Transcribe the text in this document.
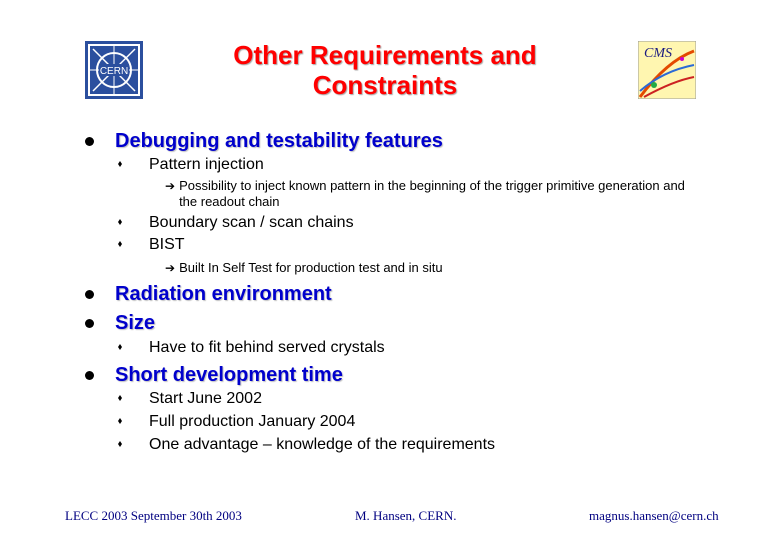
CERN
CMS
Other Requirements and
Constraints
Debugging and testability features
Pattern injection
➔ Possibility to inject known pattern in the beginning of the trigger primitive generation and the readout chain
Boundary scan / scan chains
BIST
➔ Built In Self Test for production test and in situ
Radiation environment
Size
Have to fit behind served crystals
Short development time
Start June 2002
Full production January 2004
One advantage – knowledge of the requirements
LECC 2003 September 30th 2003	M. Hansen, CERN.	magnus.hansen@cern.ch
